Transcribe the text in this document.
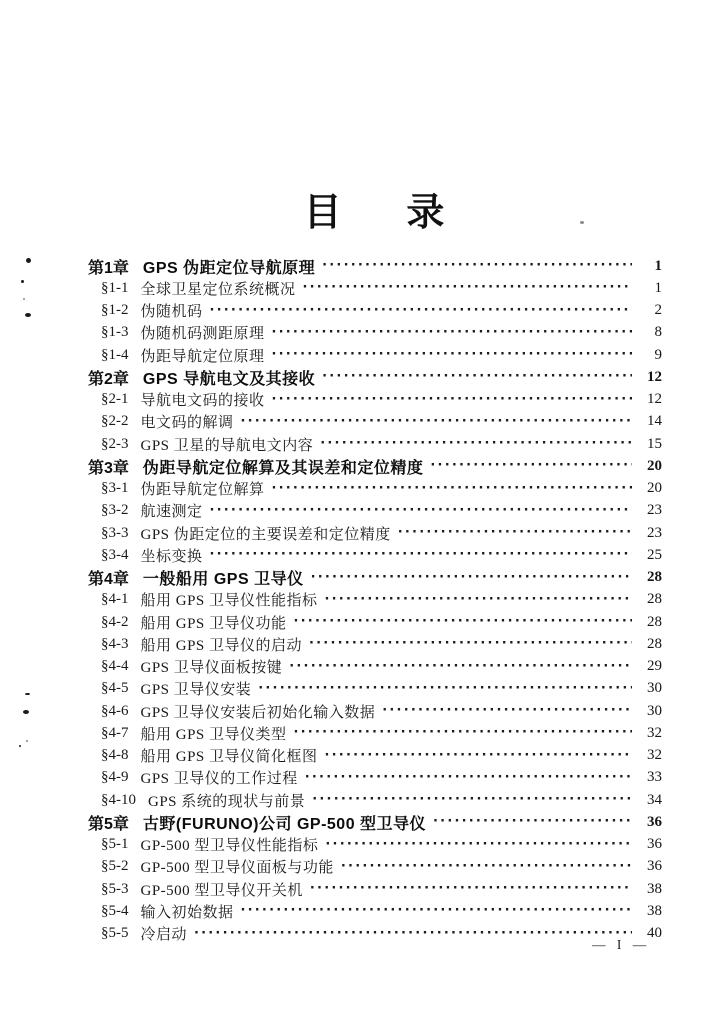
目     录
第1章 GPS 伪距定位导航原理 ·····	1
§1-1 全球卫星定位系统概况 ·····	1
§1-2 伪随机码 ·····	2
§1-3 伪随机码测距原理 ·····	8
§1-4 伪距导航定位原理 ·····	9
第2章 GPS 导航电文及其接收 ·····	12
§2-1 导航电文码的接收 ·····	12
§2-2 电文码的解调 ·····	14
§2-3 GPS 卫星的导航电文内容 ·····	15
第3章 伪距导航定位解算及其误差和定位精度 ·····	20
§3-1 伪距导航定位解算 ·····	20
§3-2 航速测定 ·····	23
§3-3 GPS 伪距定位的主要误差和定位精度 ·····	23
§3-4 坐标变换 ·····	25
第4章 一般船用 GPS 卫导仪 ·····	28
§4-1 船用 GPS 卫导仪性能指标 ·····	28
§4-2 船用 GPS 卫导仪功能 ·····	28
§4-3 船用 GPS 卫导仪的启动 ·····	28
§4-4 GPS 卫导仪面板按键 ·····	29
§4-5 GPS 卫导仪安装 ·····	30
§4-6 GPS 卫导仪安装后初始化输入数据 ·····	30
§4-7 船用 GPS 卫导仪类型 ·····	32
§4-8 船用 GPS 卫导仪简化框图 ·····	32
§4-9 GPS 卫导仪的工作过程 ·····	33
§4-10 GPS 系统的现状与前景 ·····	34
第5章 古野(FURUNO)公司 GP-500 型卫导仪 ·····	36
§5-1 GP-500 型卫导仪性能指标 ·····	36
§5-2 GP-500 型卫导仪面板与功能 ·····	36
§5-3 GP-500 型卫导仪开关机 ·····	38
§5-4 输入初始数据 ·····	38
§5-5 冷启动 ·····	40
— I —
